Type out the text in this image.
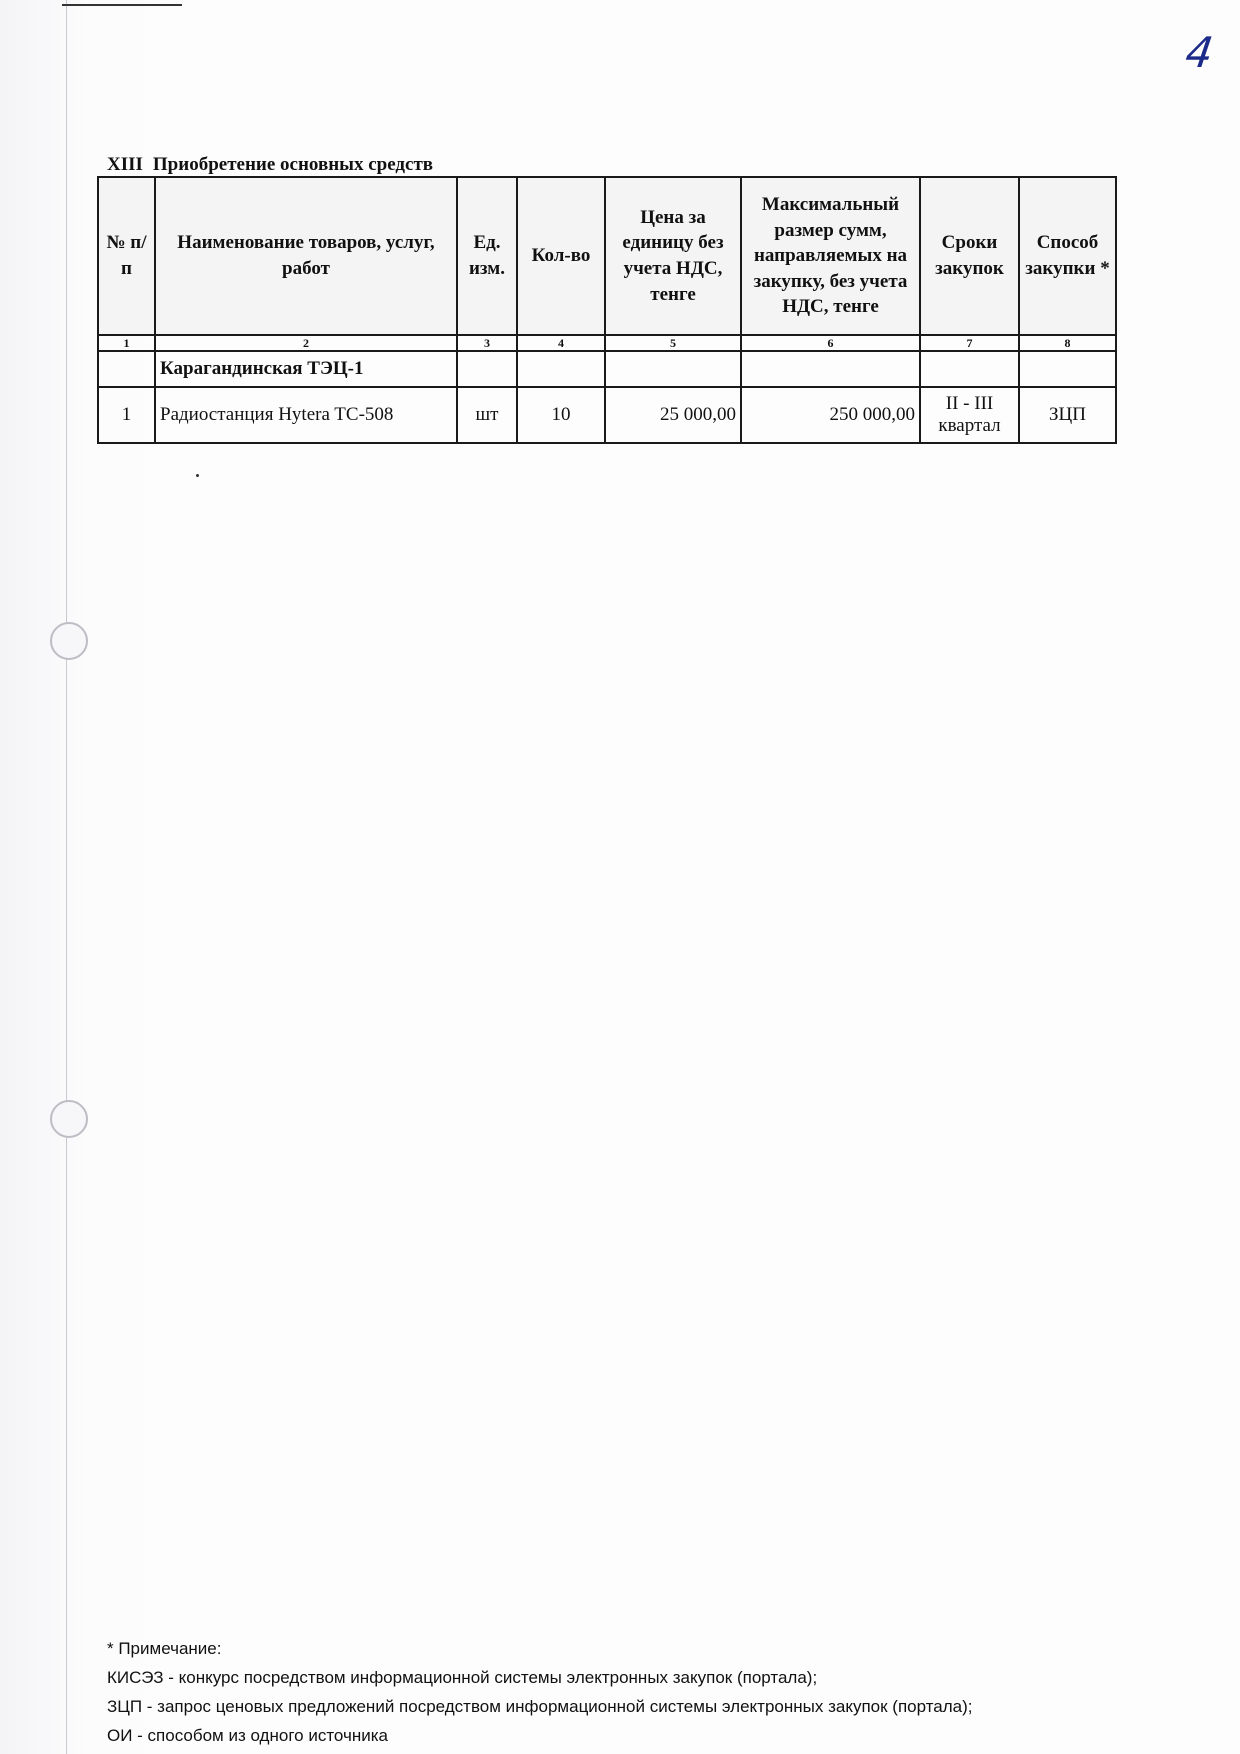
4
XIII Приобретение основных средств
№ п/п	Наименование товаров, услуг, работ	Ед. изм.	Кол-во	Цена за единицу без учета НДС, тенге	Максимальный размер сумм, направляемых на закупку, без учета НДС, тенге	Сроки закупок	Способ закупки *
1	2	3	4	5	6	7	8
	Карагандинская ТЭЦ-1						
1	Радиостанция Hytera TC-508	шт	10	25 000,00	250 000,00	II - III квартал	ЗЦП
* Примечание:
КИСЭЗ - конкурс посредством информационной системы электронных закупок (портала);
ЗЦП - запрос ценовых предложений посредством информационной системы электронных закупок (портала);
ОИ - способом из одного источника
